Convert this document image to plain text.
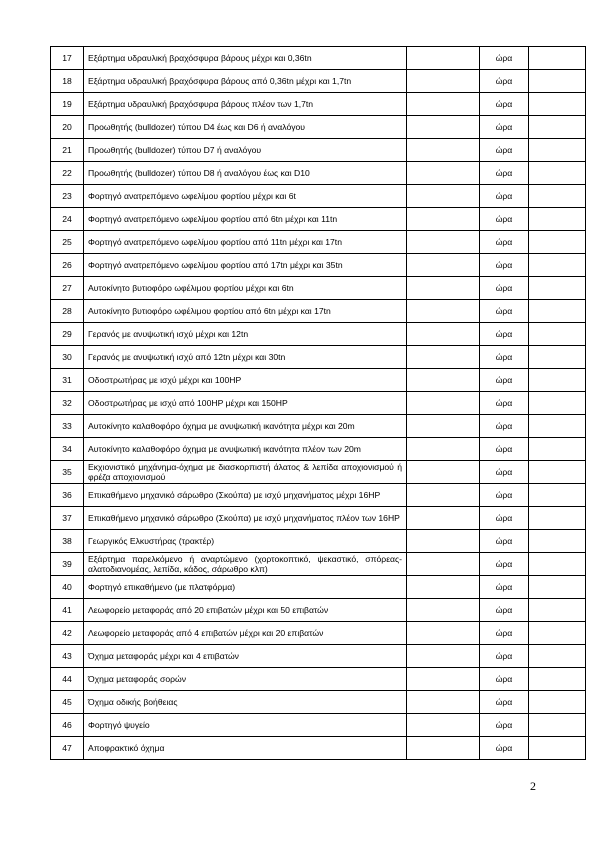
17	Εξάρτημα υδραυλική βραχόσφυρα βάρους μέχρι και 0,36tn		ώρα	
18	Εξάρτημα υδραυλική βραχόσφυρα βάρους από 0,36tn μέχρι και 1,7tn		ώρα	
19	Εξάρτημα υδραυλική βραχόσφυρα βάρους πλέον των 1,7tn		ώρα	
20	Προωθητής (bulldozer) τύπου D4 έως και D6 ή αναλόγου		ώρα	
21	Προωθητής (bulldozer) τύπου D7 ή αναλόγου		ώρα	
22	Προωθητής (bulldozer) τύπου D8 ή αναλόγου έως και D10		ώρα	
23	Φορτηγό ανατρεπόμενο ωφελίμου φορτίου μέχρι και 6t		ώρα	
24	Φορτηγό ανατρεπόμενο ωφελίμου φορτίου από 6tn μέχρι και 11tn		ώρα	
25	Φορτηγό ανατρεπόμενο ωφελίμου φορτίου από 11tn μέχρι και 17tn		ώρα	
26	Φορτηγό ανατρεπόμενο ωφελίμου φορτίου από 17tn μέχρι και 35tn		ώρα	
27	Αυτοκίνητο βυτιοφόρο ωφέλιμου φορτίου μέχρι και 6tn		ώρα	
28	Αυτοκίνητο βυτιοφόρο ωφέλιμου φορτίου από 6tn μέχρι και 17tn		ώρα	
29	Γερανός με ανυψωτική ισχύ μέχρι και 12tn		ώρα	
30	Γερανός με ανυψωτική ισχύ από 12tn μέχρι και 30tn		ώρα	
31	Οδοστρωτήρας με ισχύ μέχρι και 100HP		ώρα	
32	Οδοστρωτήρας με ισχύ από 100HP μέχρι και 150HP		ώρα	
33	Αυτοκίνητο καλαθοφόρο όχημα με ανυψωτική ικανότητα μέχρι και 20m		ώρα	
34	Αυτοκίνητο καλαθοφόρο όχημα με ανυψωτική ικανότητα πλέον των 20m		ώρα	
35	Εκχιονιστικό μηχάνημα-όχημα με διασκορπιστή άλατος & λεπίδα αποχιονισμού ή φρέζα αποχιονισμού		ώρα	
36	Επικαθήμενο μηχανικό σάρωθρο (Σκούπα) με ισχύ μηχανήματος μέχρι 16HP		ώρα	
37	Επικαθήμενο μηχανικό σάρωθρο (Σκούπα) με ισχύ μηχανήματος πλέον των 16HP		ώρα	
38	Γεωργικός Ελκυστήρας (τρακτέρ)		ώρα	
39	Εξάρτημα παρελκόμενο ή αναρτώμενο (χορτοκοπτικό, ψεκαστικό, σπόρεας-αλατοδιανομέας, λεπίδα, κάδος, σάρωθρο κλπ)		ώρα	
40	Φορτηγό επικαθήμενο (με πλατφόρμα)		ώρα	
41	Λεωφορείο μεταφοράς από 20 επιβατών μέχρι και 50 επιβατών		ώρα	
42	Λεωφορείο μεταφοράς από 4 επιβατών μέχρι και 20 επιβατών		ώρα	
43	Όχημα μεταφοράς μέχρι και 4 επιβατών		ώρα	
44	Όχημα μεταφοράς σορών		ώρα	
45	Όχημα οδικής βοήθειας		ώρα	
46	Φορτηγό ψυγείο		ώρα	
47	Αποφρακτικό όχημα		ώρα	
2
